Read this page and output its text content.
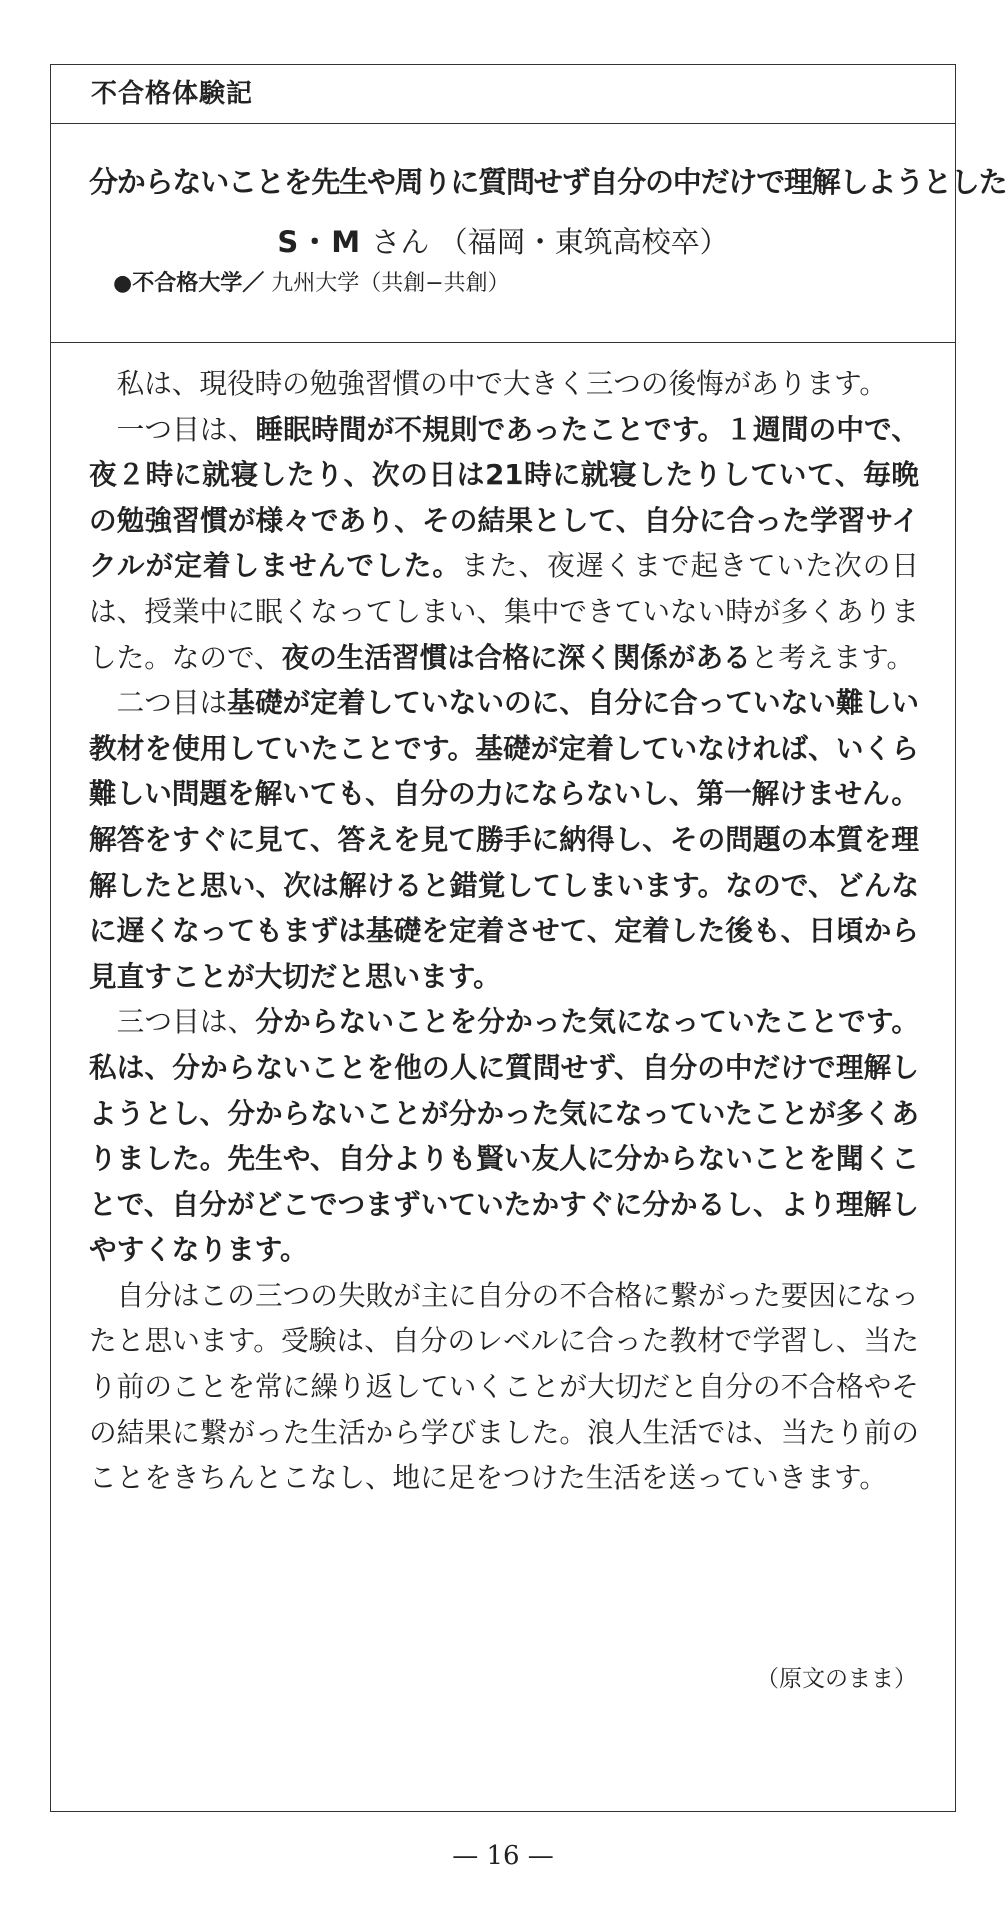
不合格体験記
分からないことを先生や周りに質問せず自分の中だけで理解しようとした
S・M さん （福岡・東筑高校卒）
●不合格大学／ 九州大学（共創−共創）

私は、現役時の勉強習慣の中で大きく三つの後悔があります。

一つ目は、睡眠時間が不規則であったことです。１週間の中で、夜２時に就寝したり、次の日は21時に就寝したりしていて、毎晩の勉強習慣が様々であり、その結果として、自分に合った学習サイクルが定着しませんでした。また、夜遅くまで起きていた次の日は、授業中に眠くなってしまい、集中できていない時が多くありました。なので、夜の生活習慣は合格に深く関係があると考えます。

二つ目は基礎が定着していないのに、自分に合っていない難しい教材を使用していたことです。基礎が定着していなければ、いくら難しい問題を解いても、自分の力にならないし、第一解けません。解答をすぐに見て、答えを見て勝手に納得し、その問題の本質を理解したと思い、次は解けると錯覚してしまいます。なので、どんなに遅くなってもまずは基礎を定着させて、定着した後も、日頃から見直すことが大切だと思います。

三つ目は、分からないことを分かった気になっていたことです。私は、分からないことを他の人に質問せず、自分の中だけで理解しようとし、分からないことが分かった気になっていたことが多くありました。先生や、自分よりも賢い友人に分からないことを聞くことで、自分がどこでつまずいていたかすぐに分かるし、より理解しやすくなります。

自分はこの三つの失敗が主に自分の不合格に繋がった要因になったと思います。受験は、自分のレベルに合った教材で学習し、当たり前のことを常に繰り返していくことが大切だと自分の不合格やその結果に繋がった生活から学びました。浪人生活では、当たり前のことをきちんとこなし、地に足をつけた生活を送っていきます。

（原文のまま）
— 16 —
